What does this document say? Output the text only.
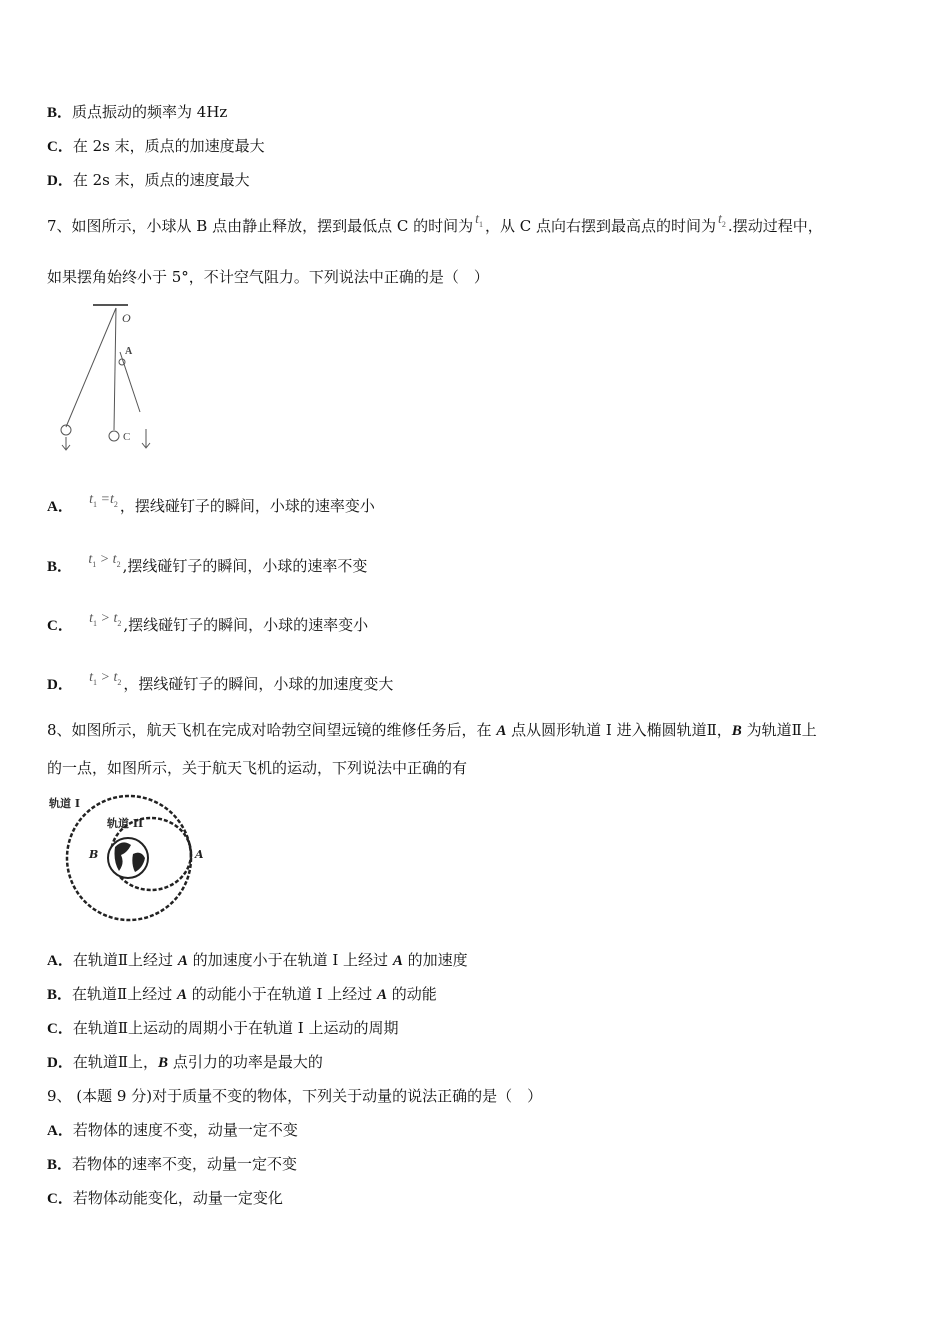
B．质点振动的频率为 4Hz
C．在 2s 末，质点的加速度最大
D．在 2s 末，质点的速度最大
7、如图所示，小球从 B 点由静止释放，摆到最低点 C 的时间为 $t_1$ ，从 C 点向右摆到最高点的时间为 $t_2$ .摆动过程中，
如果摆角始终小于 5°，不计空气阻力。下列说法中正确的是（　）
O
A
C
A． $t_1 =t_2$ ，摆线碰钉子的瞬间，小球的速率变小
B． $t_1 > t_2$ ,摆线碰钉子的瞬间，小球的速率不变
C． $t_1 > t_2$ ,摆线碰钉子的瞬间，小球的速率变小
D． $t_1 > t_2$ ，摆线碰钉子的瞬间，小球的加速度变大
8、如图所示，航天飞机在完成对哈勃空间望远镜的维修任务后，在 A 点从圆形轨道 I 进入椭圆轨道Ⅱ，B 为轨道Ⅱ上
的一点，如图所示，关于航天飞机的运动，下列说法中正确的有
轨道 I
轨道 II
B	A
A．在轨道Ⅱ上经过 A 的加速度小于在轨道 I 上经过 A 的加速度
B．在轨道Ⅱ上经过 A 的动能小于在轨道 I 上经过 A 的动能
C．在轨道Ⅱ上运动的周期小于在轨道 I 上运动的周期
D．在轨道Ⅱ上，B 点引力的功率是最大的
9、 (本题 9 分)对于质量不变的物体，下列关于动量的说法正确的是（　）
A．若物体的速度不变，动量一定不变
B．若物体的速率不变，动量一定不变
C．若物体动能变化，动量一定变化
